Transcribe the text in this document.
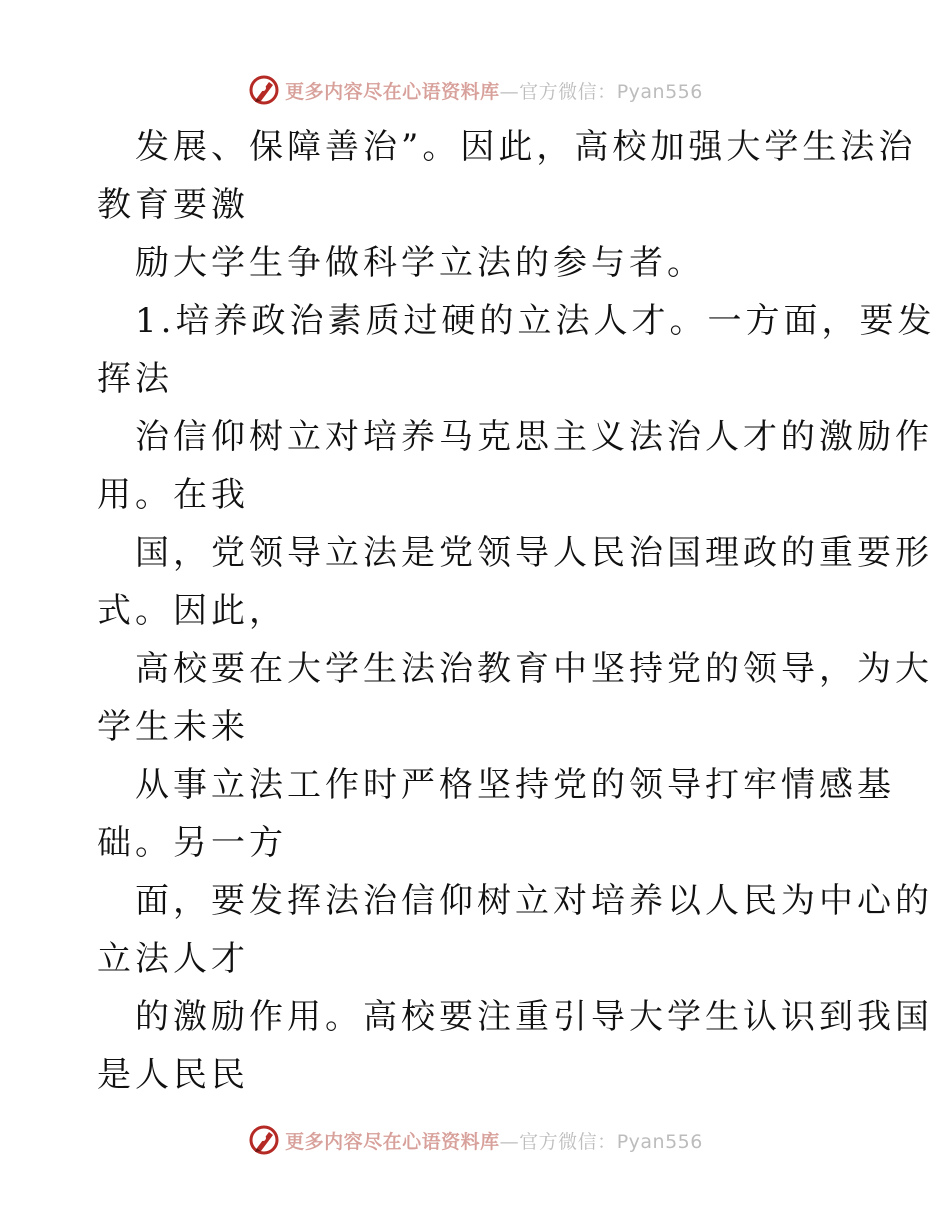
更多内容尽在心语资料库—官方微信：Pyan556
发展、保障善治”。因此，高校加强大学生法治
教育要激
励大学生争做科学立法的参与者。
1.培养政治素质过硬的立法人才。一方面，要发
挥法
治信仰树立对培养马克思主义法治人才的激励作
用。在我
国，党领导立法是党领导人民治国理政的重要形
式。因此，
高校要在大学生法治教育中坚持党的领导，为大
学生未来
从事立法工作时严格坚持党的领导打牢情感基
础。另一方
面，要发挥法治信仰树立对培养以人民为中心的
立法人才
的激励作用。高校要注重引导大学生认识到我国
是人民民
更多内容尽在心语资料库—官方微信：Pyan556
